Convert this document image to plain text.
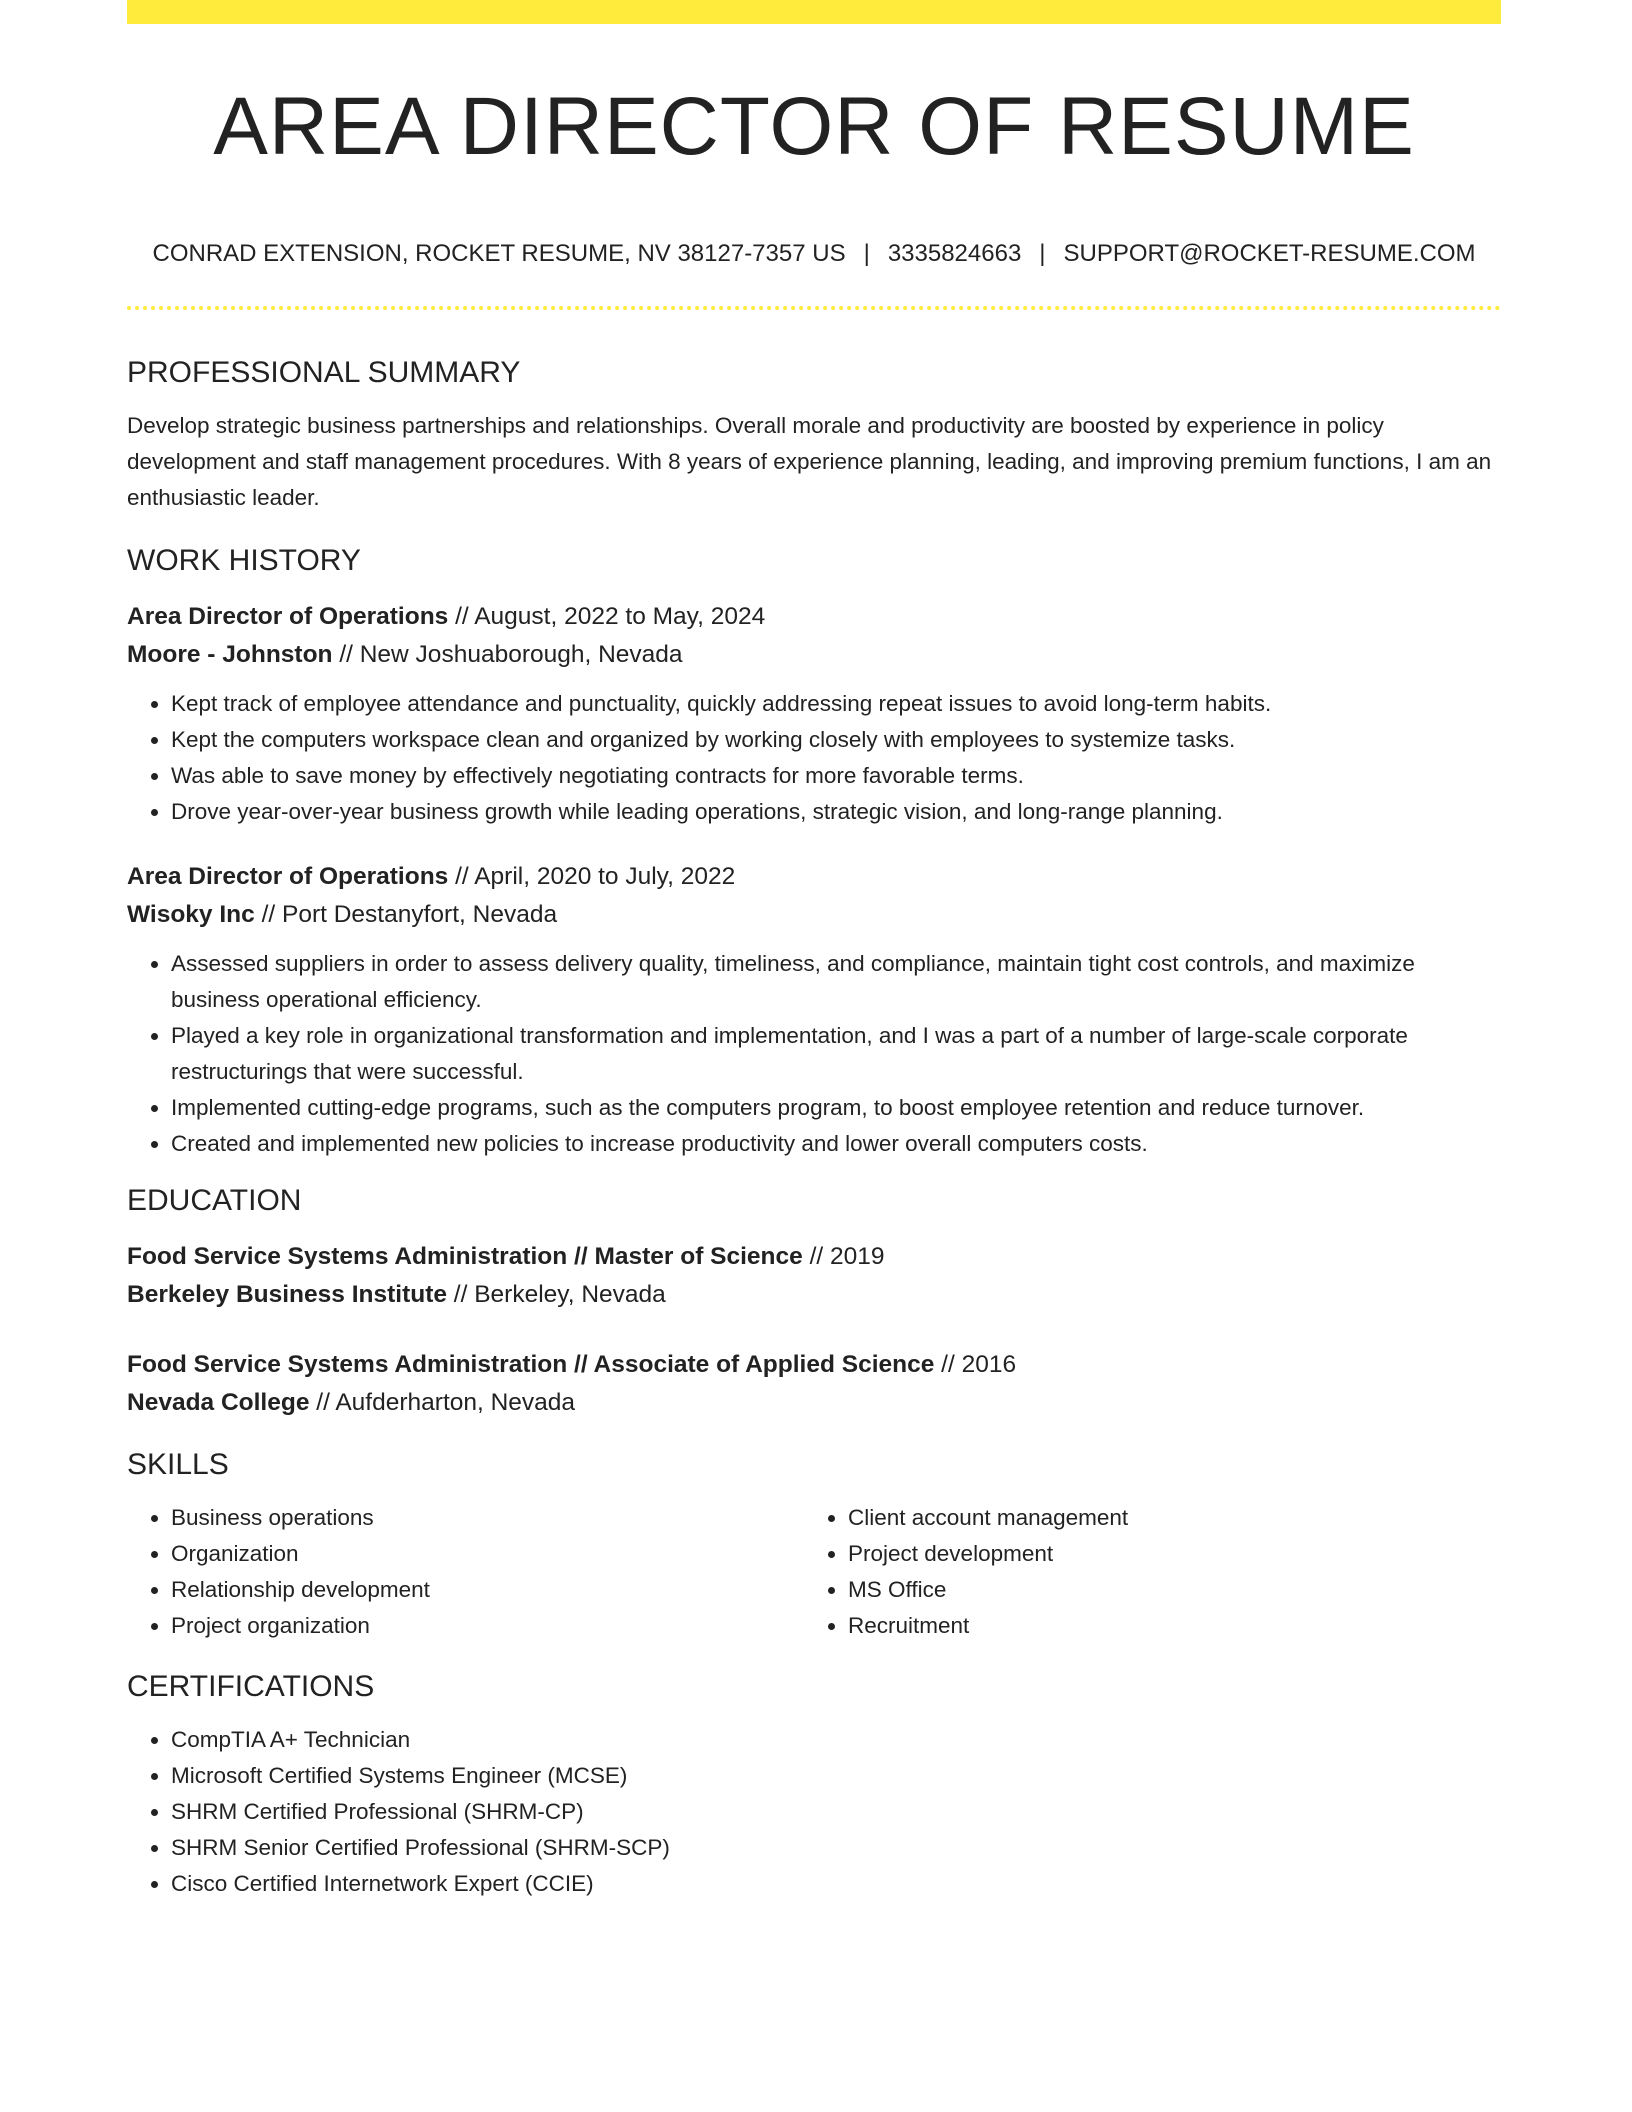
AREA DIRECTOR OF RESUME
CONRAD EXTENSION, ROCKET RESUME, NV 38127-7357 US | 3335824663 | SUPPORT@ROCKET-RESUME.COM
PROFESSIONAL SUMMARY

Develop strategic business partnerships and relationships. Overall morale and productivity are boosted by experience in policy development and staff management procedures. With 8 years of experience planning, leading, and improving premium functions, I am an enthusiastic leader.

WORK HISTORY
Area Director of Operations // August, 2022 to May, 2024
Moore - Johnston // New Joshuaborough, Nevada
• Kept track of employee attendance and punctuality, quickly addressing repeat issues to avoid long-term habits.
• Kept the computers workspace clean and organized by working closely with employees to systemize tasks.
• Was able to save money by effectively negotiating contracts for more favorable terms.
• Drove year-over-year business growth while leading operations, strategic vision, and long-range planning.
Area Director of Operations // April, 2020 to July, 2022
Wisoky Inc // Port Destanyfort, Nevada
• Assessed suppliers in order to assess delivery quality, timeliness, and compliance, maintain tight cost controls, and maximize business operational efficiency.
• Played a key role in organizational transformation and implementation, and I was a part of a number of large-scale corporate restructurings that were successful.
• Implemented cutting-edge programs, such as the computers program, to boost employee retention and reduce turnover.
• Created and implemented new policies to increase productivity and lower overall computers costs.
EDUCATION
Food Service Systems Administration // Master of Science // 2019
Berkeley Business Institute // Berkeley, Nevada
Food Service Systems Administration // Associate of Applied Science // 2016
Nevada College // Aufderharton, Nevada
SKILLS
• Business operations
• Organization
• Relationship development
• Project organization
• Client account management
• Project development
• MS Office
• Recruitment
CERTIFICATIONS
• CompTIA A+ Technician
• Microsoft Certified Systems Engineer (MCSE)
• SHRM Certified Professional (SHRM-CP)
• SHRM Senior Certified Professional (SHRM-SCP)
• Cisco Certified Internetwork Expert (CCIE)
